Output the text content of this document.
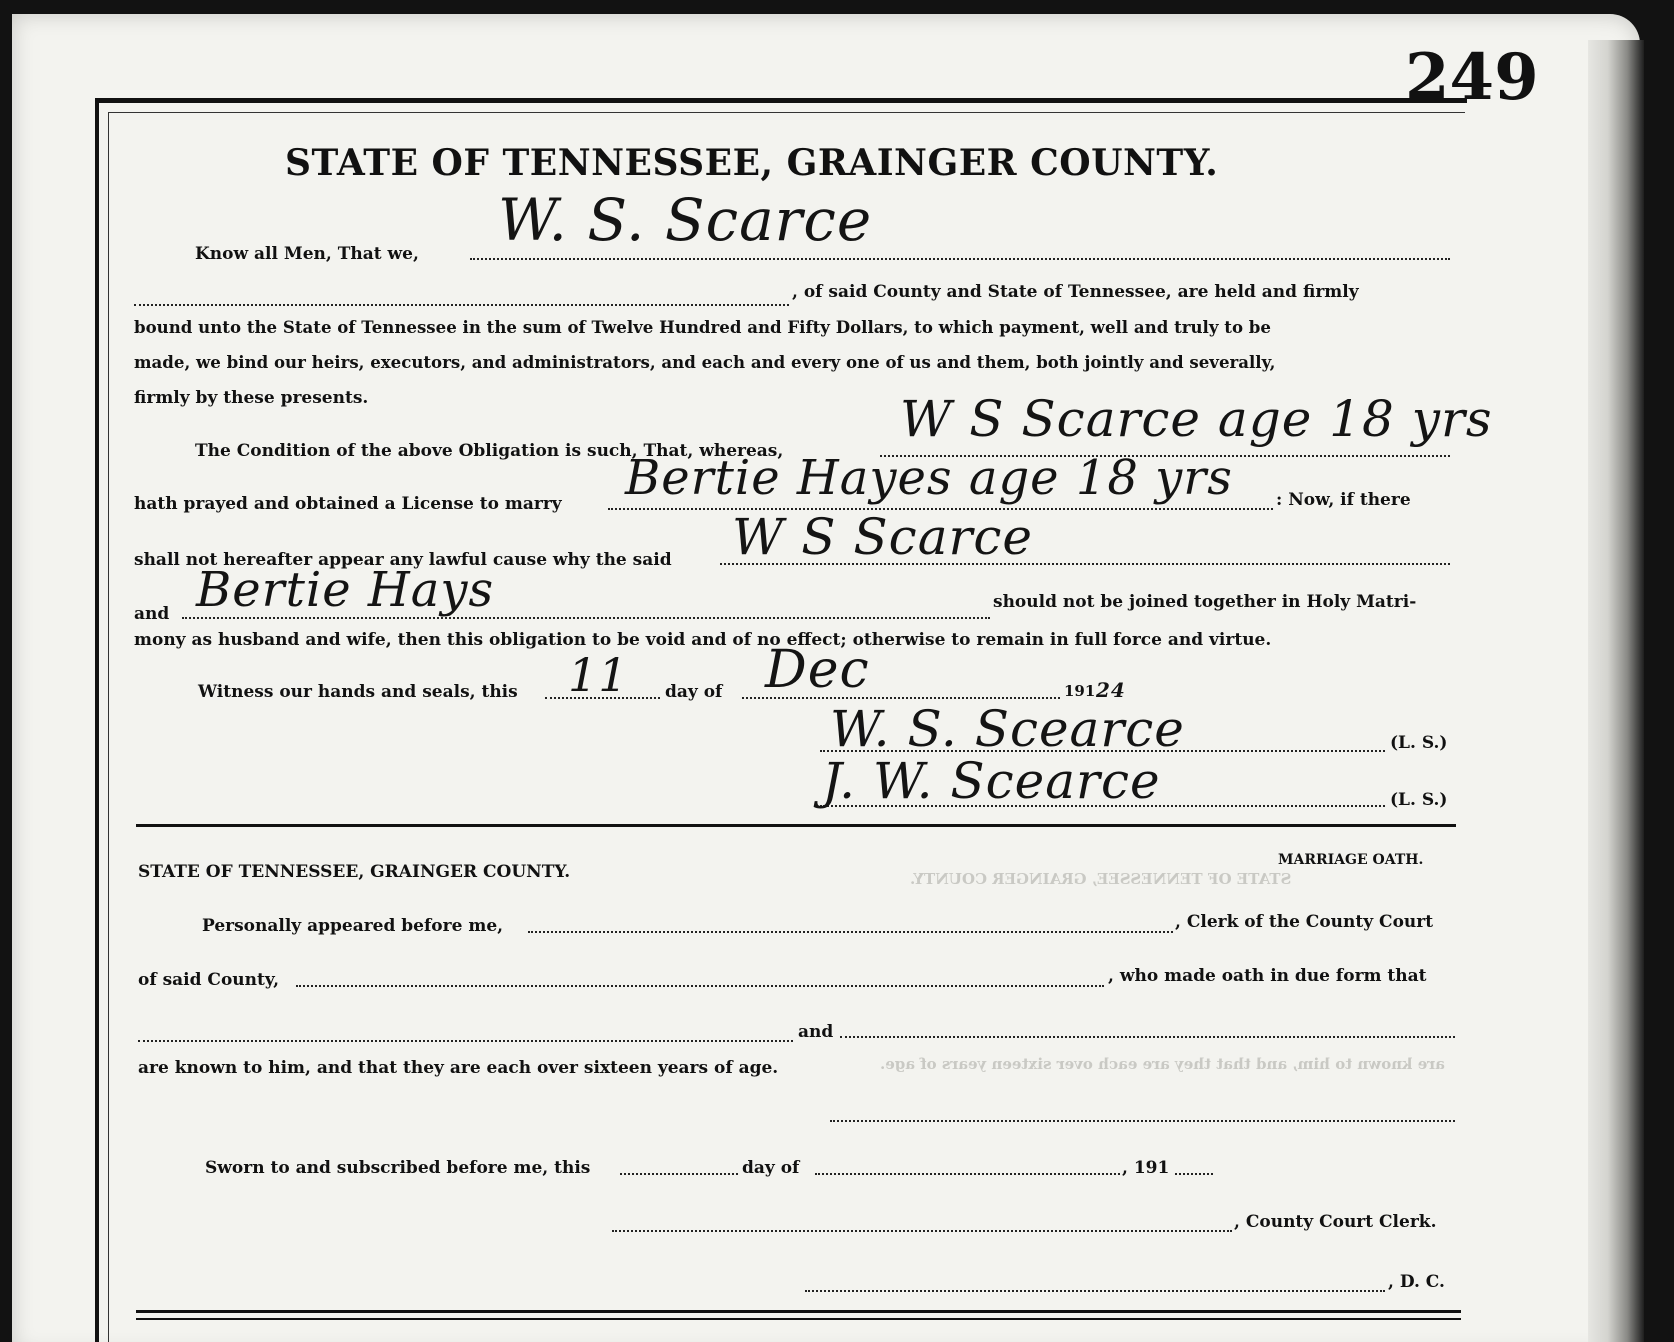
249
STATE OF TENNESSEE, GRAINGER COUNTY.
are known to him, and that they are each over sixteen years of age.
STATE OF TENNESSEE, GRAINGER COUNTY.
Know all Men, That we, W. S. Scarce
, of said County and State of Tennessee, are held and firmly
bound unto the State of Tennessee in the sum of Twelve Hundred and Fifty Dollars, to which payment, well and truly to be
made, we bind our heirs, executors, and administrators, and each and every one of us and them, both jointly and severally,
firmly by these presents.
The Condition of the above Obligation is such, That, whereas,
W S Scarce age 18 yrs
hath prayed and obtained a License to marry Bertie Hayes age 18 yrs	: Now, if there
shall not hereafter appear any lawful cause why the said W S Scarce
and Bertie Hays	should not be joined together in Holy Matri-
mony as husband and wife, then this obligation to be void and of no effect; otherwise to remain in full force and virtue.
Witness our hands and seals, this 11 day of Dec	191 24
W. S. Scearce	(L. S.)
J. W. Scearce	(L. S.)
STATE OF TENNESSEE, GRAINGER COUNTY.
MARRIAGE OATH.
Personally appeared before me,	, Clerk of the County Court
of said County,	, who made oath in due form that
and
are known to him, and that they are each over sixteen years of age.
Sworn to and subscribed before me, this	day of	, 191
, County Court Clerk.
, D. C.
